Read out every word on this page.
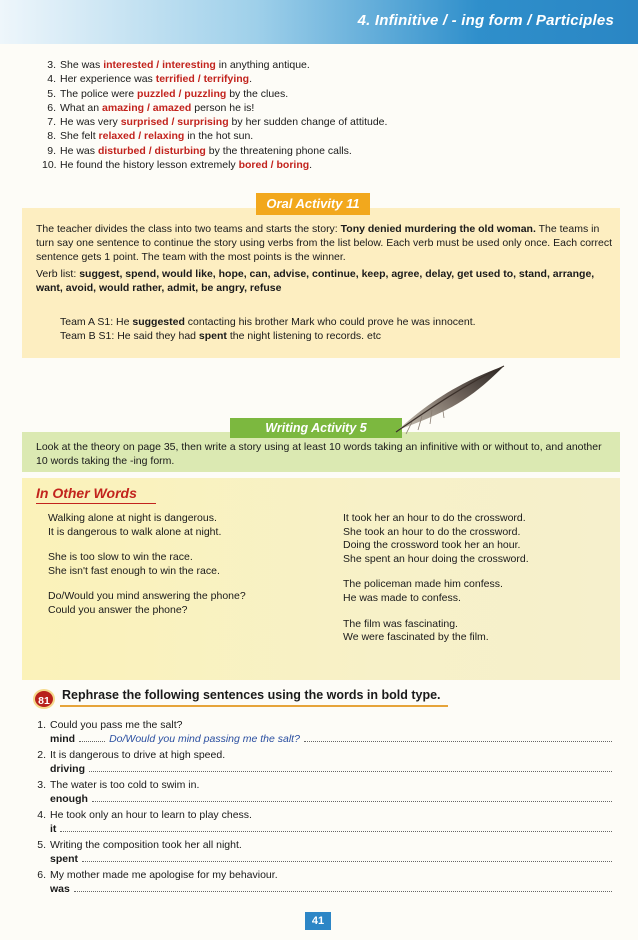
4. Infinitive / - ing form / Participles
3. She was interested / interesting in anything antique.
4. Her experience was terrified / terrifying.
5. The police were puzzled / puzzling by the clues.
6. What an amazing / amazed person he is!
7. He was very surprised / surprising by her sudden change of attitude.
8. She felt relaxed / relaxing in the hot sun.
9. He was disturbed / disturbing by the threatening phone calls.
10. He found the history lesson extremely bored / boring.
Oral Activity 11

The teacher divides the class into two teams and starts the story: Tony denied murdering the old woman. The teams in turn say one sentence to continue the story using verbs from the list below. Each verb must be used only once. Each correct sentence gets 1 point. The team with the most points is the winner.

Verb list: suggest, spend, would like, hope, can, advise, continue, keep, agree, delay, get used to, stand, arrange, want, avoid, would rather, admit, be angry, refuse

Team A S1: He suggested contacting his brother Mark who could prove he was innocent.
Team B S1: He said they had spent the night listening to records. etc
Writing Activity 5
Look at the theory on page 35, then write a story using at least 10 words taking an infinitive with or without to, and another 10 words taking the -ing form.
In Other Words
Walking alone at night is dangerous.
It is dangerous to walk alone at night.
She is too slow to win the race.
She isn't fast enough to win the race.
Do/Would you mind answering the phone?
Could you answer the phone?
It took her an hour to do the crossword.
She took an hour to do the crossword.
Doing the crossword took her an hour.
She spent an hour doing the crossword.
The policeman made him confess.
He was made to confess.
The film was fascinating.
We were fascinated by the film.
81 Rephrase the following sentences using the words in bold type.
1. Could you pass me the salt?
mind	Do/Would you mind passing me the salt?
2. It is dangerous to drive at high speed.
driving
3. The water is too cold to swim in.
enough
4. He took only an hour to learn to play chess.
it
5. Writing the composition took her all night.
spent
6. My mother made me apologise for my behaviour.
was
41
